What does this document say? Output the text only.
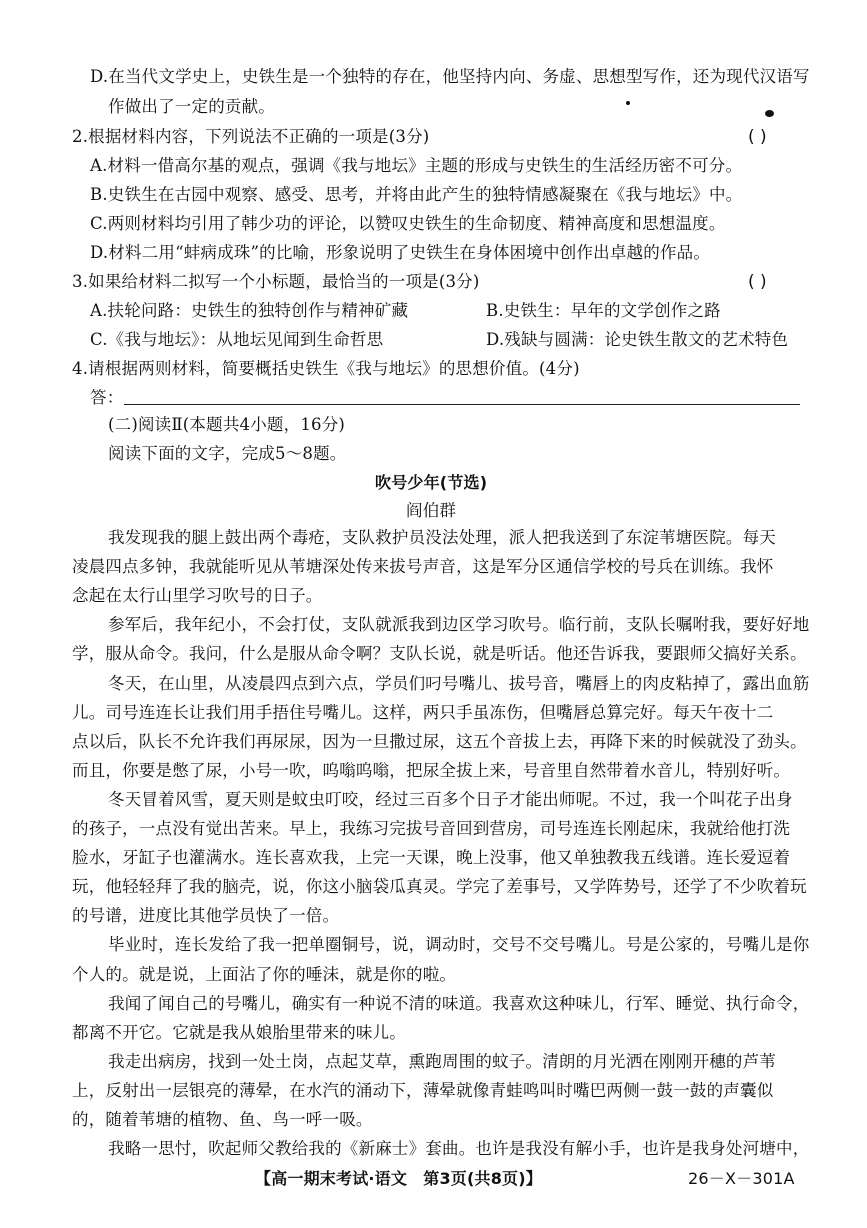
D.在当代文学史上，史铁生是一个独特的存在，他坚持内向、务虚、思想型写作，还为现代汉语写
作做出了一定的贡献。
2.根据材料内容，下列说法不正确的一项是(3分)	( )
A.材料一借高尔基的观点，强调《我与地坛》主题的形成与史铁生的生活经历密不可分。
B.史铁生在古园中观察、感受、思考，并将由此产生的独特情感凝聚在《我与地坛》中。
C.两则材料均引用了韩少功的评论，以赞叹史铁生的生命韧度、精神高度和思想温度。
D.材料二用“蚌病成珠”的比喻，形象说明了史铁生在身体困境中创作出卓越的作品。
3.如果给材料二拟写一个小标题，最恰当的一项是(3分)	( )
A.扶轮问路：史铁生的独特创作与精神矿藏	B.史铁生：早年的文学创作之路
C.《我与地坛》：从地坛见闻到生命哲思	D.残缺与圆满：论史铁生散文的艺术特色
4.请根据两则材料，简要概括史铁生《我与地坛》的思想价值。(4分)
答：
(二)阅读Ⅱ(本题共4小题，16分)
阅读下面的文字，完成5～8题。
吹号少年(节选)
阎伯群
我发现我的腿上鼓出两个毒疮，支队救护员没法处理，派人把我送到了东淀苇塘医院。每天
凌晨四点多钟，我就能听见从苇塘深处传来拔号声音，这是军分区通信学校的号兵在训练。我怀
念起在太行山里学习吹号的日子。
参军后，我年纪小，不会打仗，支队就派我到边区学习吹号。临行前，支队长嘱咐我，要好好地
学，服从命令。我问，什么是服从命令啊？支队长说，就是听话。他还告诉我，要跟师父搞好关系。
冬天，在山里，从凌晨四点到六点，学员们叼号嘴儿、拔号音，嘴唇上的肉皮粘掉了，露出血筋
儿。司号连连长让我们用手捂住号嘴儿。这样，两只手虽冻伤，但嘴唇总算完好。每天午夜十二
点以后，队长不允许我们再尿尿，因为一旦撒过尿，这五个音拔上去，再降下来的时候就没了劲头。
而且，你要是憋了尿，小号一吹，呜嗡呜嗡，把尿全拔上来，号音里自然带着水音儿，特别好听。
冬天冒着风雪，夏天则是蚊虫叮咬，经过三百多个日子才能出师呢。不过，我一个叫花子出身
的孩子，一点没有觉出苦来。早上，我练习完拔号音回到营房，司号连连长刚起床，我就给他打洗
脸水，牙缸子也灌满水。连长喜欢我，上完一天课，晚上没事，他又单独教我五线谱。连长爱逗着
玩，他轻轻拜了我的脑壳，说，你这小脑袋瓜真灵。学完了差事号，又学阵势号，还学了不少吹着玩
的号谱，进度比其他学员快了一倍。
毕业时，连长发给了我一把单圈铜号，说，调动时，交号不交号嘴儿。号是公家的，号嘴儿是你
个人的。就是说，上面沾了你的唾沫，就是你的啦。
我闻了闻自己的号嘴儿，确实有一种说不清的味道。我喜欢这种味儿，行军、睡觉、执行命令，
都离不开它。它就是我从娘胎里带来的味儿。
我走出病房，找到一处土岗，点起艾草，熏跑周围的蚊子。清朗的月光洒在刚刚开穗的芦苇
上，反射出一层银亮的薄晕，在水汽的涌动下，薄晕就像青蛙鸣叫时嘴巴两侧一鼓一鼓的声囊似
的，随着苇塘的植物、鱼、鸟一呼一吸。
我略一思忖，吹起师父教给我的《新麻士》套曲。也许是我没有解小手，也许是我身处河塘中，
【高一期末考试·语文　第3页(共8页)】	26－X－301A
